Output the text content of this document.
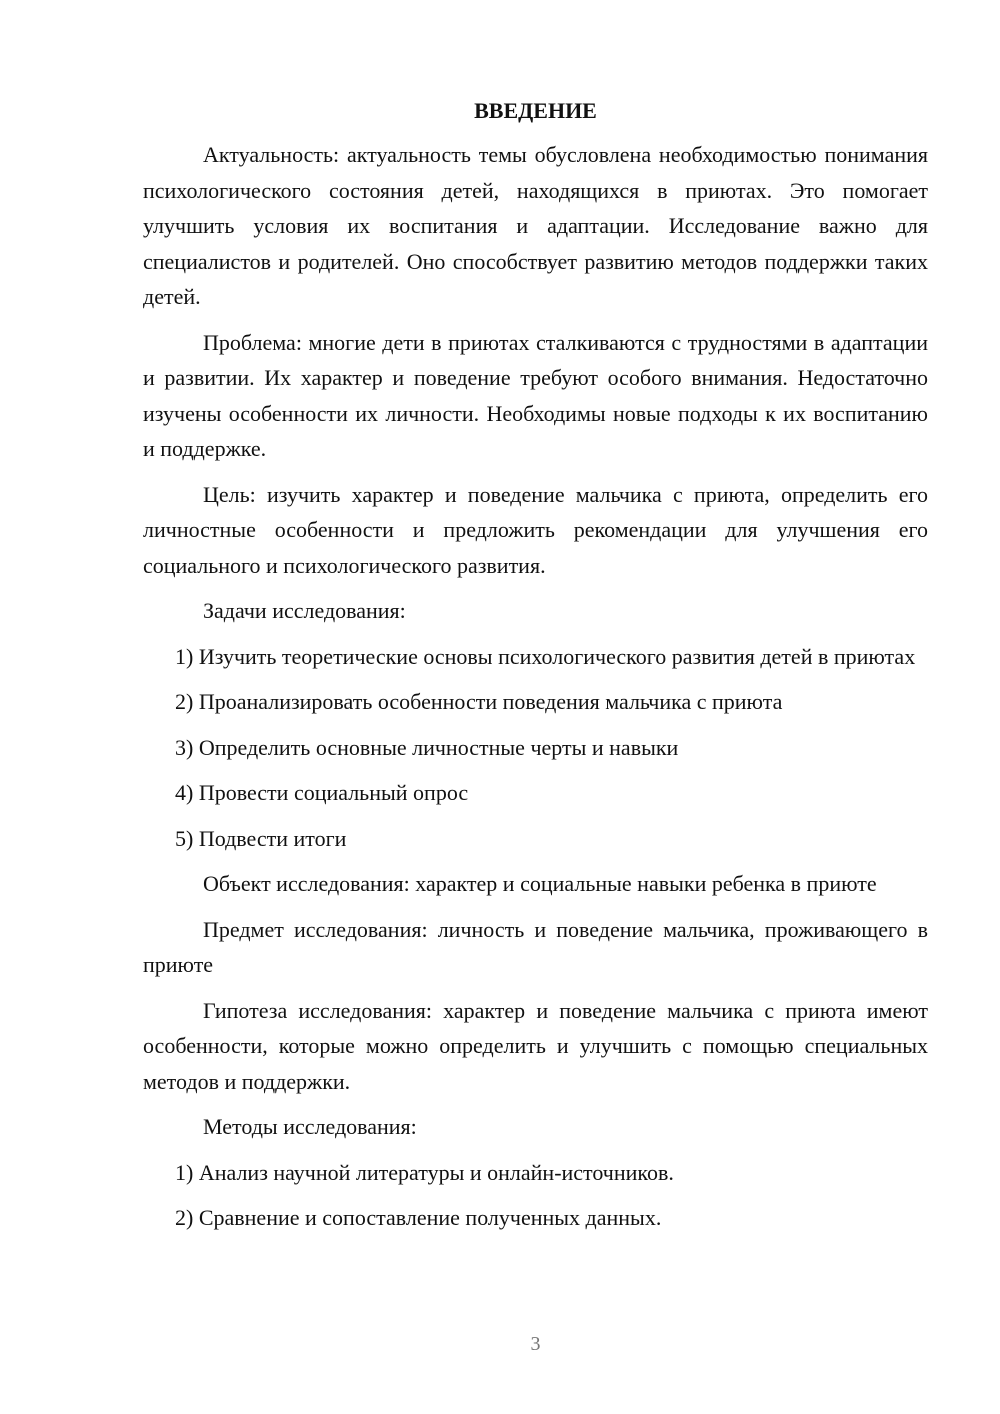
ВВЕДЕНИЕ

Актуальность: актуальность темы обусловлена необходимостью понимания психологического состояния детей, находящихся в приютах. Это помогает улучшить условия их воспитания и адаптации. Исследование важно для специалистов и родителей. Оно способствует развитию методов поддержки таких детей.

Проблема: многие дети в приютах сталкиваются с трудностями в адаптации и развитии. Их характер и поведение требуют особого внимания. Недостаточно изучены особенности их личности. Необходимы новые подходы к их воспитанию и поддержке.

Цель: изучить характер и поведение мальчика с приюта, определить его личностные особенности и предложить рекомендации для улучшения его социального и психологического развития.

Задачи исследования:

1) Изучить теоретические основы психологического развития детей в приютах

2) Проанализировать особенности поведения мальчика с приюта

3) Определить основные личностные черты и навыки

4) Провести социальный опрос

5) Подвести итоги

Объект исследования: характер и социальные навыки ребенка в приюте

Предмет исследования: личность и поведение мальчика, проживающего в приюте

Гипотеза исследования: характер и поведение мальчика с приюта имеют особенности, которые можно определить и улучшить с помощью специальных методов и поддержки.

Методы исследования:

1) Анализ научной литературы и онлайн-источников.

2) Сравнение и сопоставление полученных данных.

3
